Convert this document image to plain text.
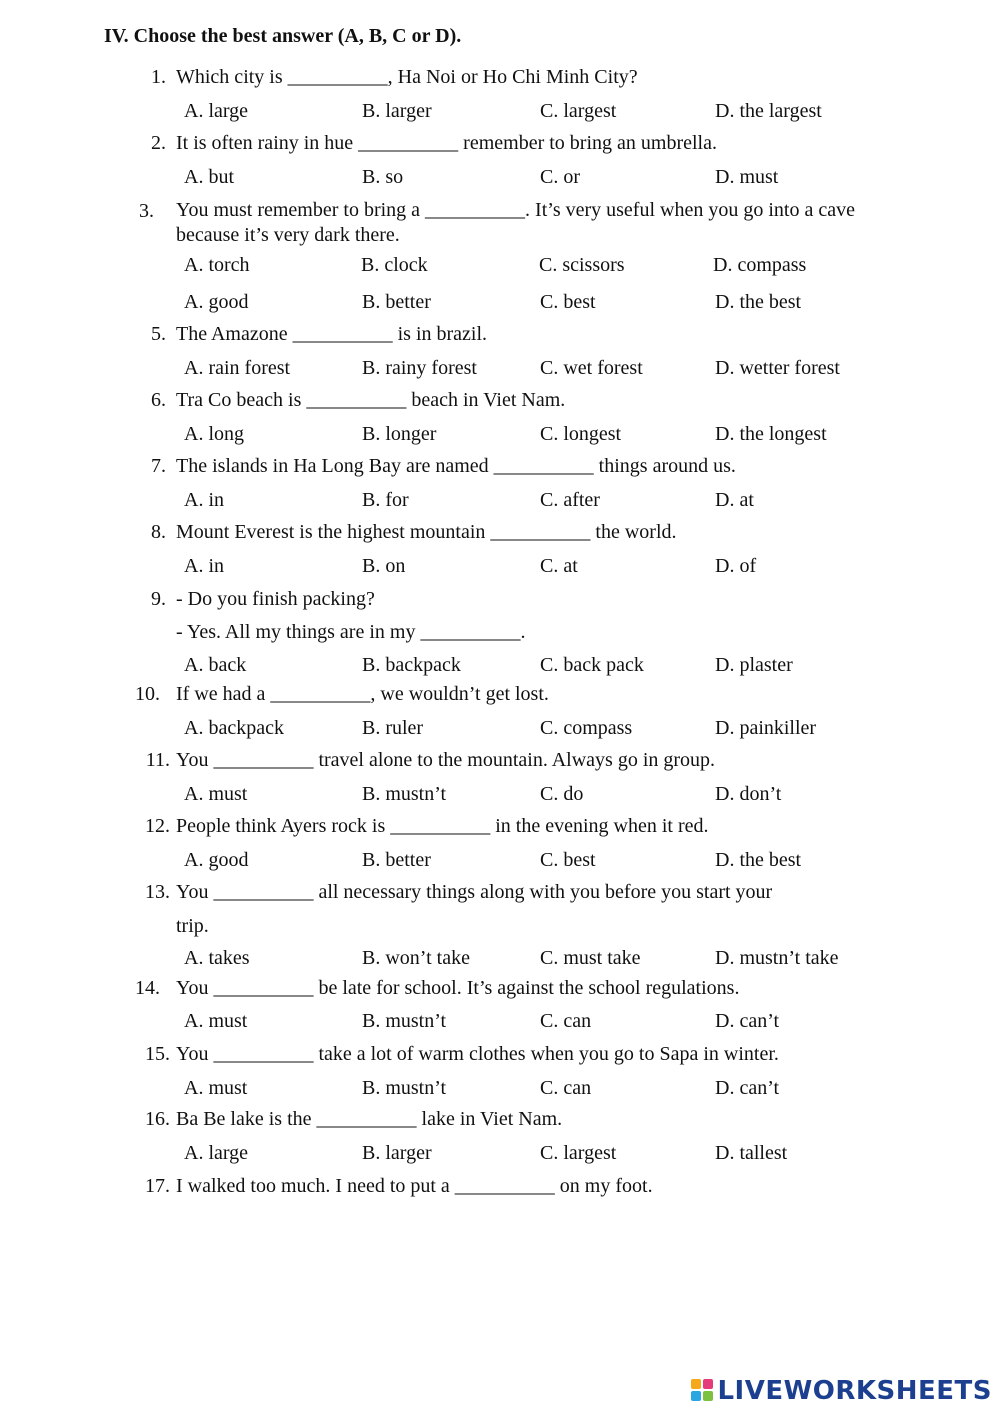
IV. Choose the best answer (A, B, C or D).
1. Which city is __________, Ha Noi or Ho Chi Minh City?
A. large	B. larger	C. largest	D. the largest
2. It is often rainy in hue __________ remember to bring an umbrella.
A. but	B. so	C. or	D. must
3. You must remember to bring a __________. It’s very useful when you go into a cave because it’s very dark there.
A. torch	B. clock	C. scissors	D. compass
A. good	B. better	C. best	D. the best
5. The Amazone __________ is in brazil.
A. rain forest	B. rainy forest	C. wet forest	D. wetter forest
6. Tra Co beach is __________ beach in Viet Nam.
A. long	B. longer	C. longest	D. the longest
7. The islands in Ha Long Bay are named __________ things around us.
A. in	B. for	C. after	D. at
8. Mount Everest is the highest mountain __________ the world.
A. in	B. on	C. at	D. of
9. - Do you finish packing?
- Yes. All my things are in my __________.
A. back	B. backpack	C. back pack	D. plaster
10. If we had a __________, we wouldn’t get lost.
A. backpack	B. ruler	C. compass	D. painkiller
11. You __________ travel alone to the mountain. Always go in group.
A. must	B. mustn’t	C. do	D. don’t
12. People think Ayers rock is __________ in the evening when it red.
A. good	B. better	C. best	D. the best
13. You __________ all necessary things along with you before you start your
trip.
A. takes	B. won’t take	C. must take	D. mustn’t take
14. You __________ be late for school. It’s against the school regulations.
A. must	B. mustn’t	C. can	D. can’t
15. You __________ take a lot of warm clothes when you go to Sapa in winter.
A. must	B. mustn’t	C. can	D. can’t
16. Ba Be lake is the __________ lake in Viet Nam.
A. large	B. larger	C. largest	D. tallest
17. I walked too much. I need to put a __________ on my foot.
LIVEWORKSHEETS
